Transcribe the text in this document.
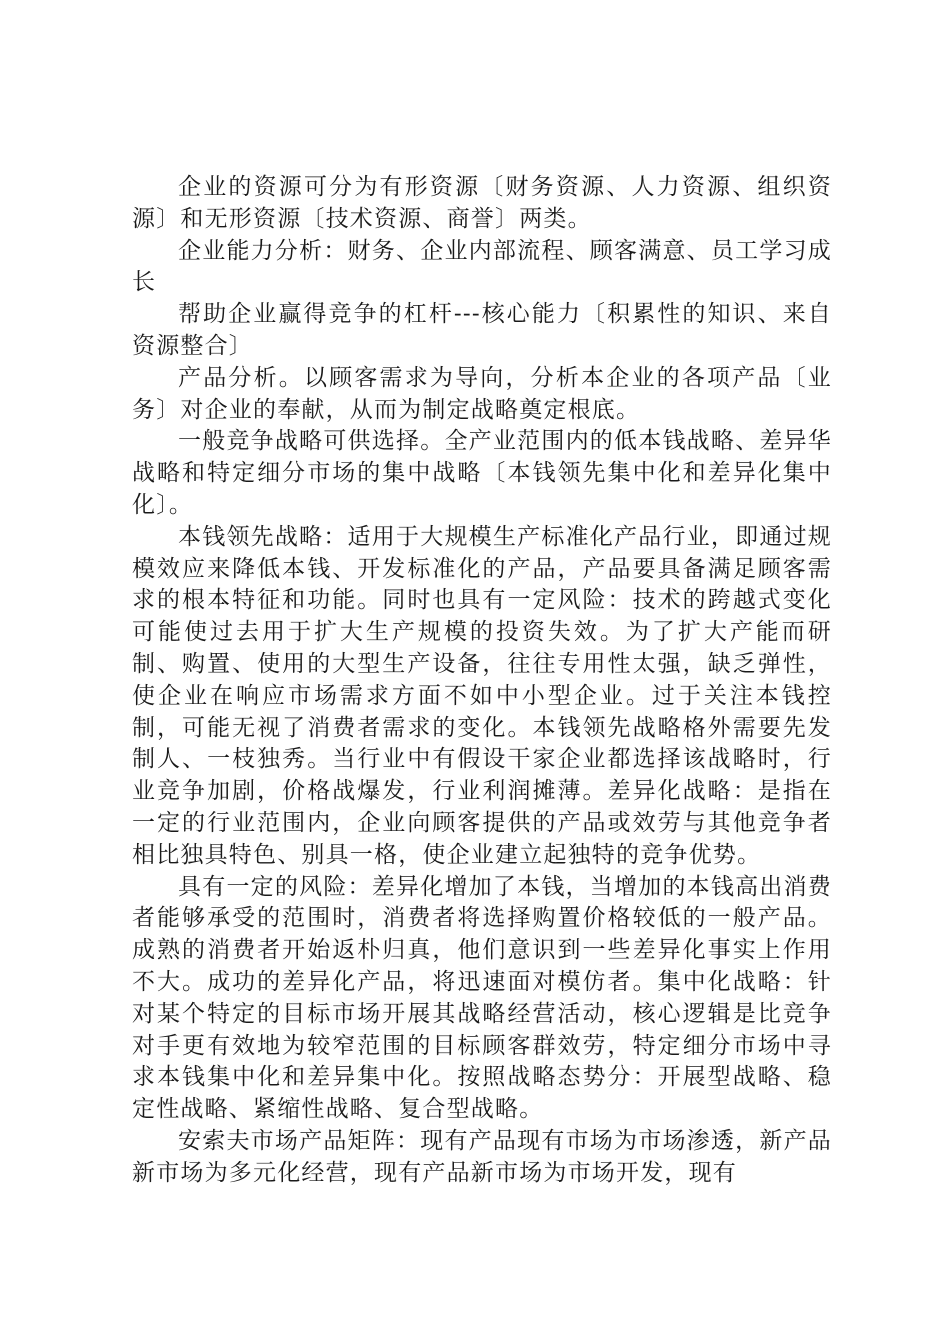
企业的资源可分为有形资源〔财务资源、人力资源、组织资源〕和无形资源〔技术资源、商誉〕两类。

企业能力分析：财务、企业内部流程、顾客满意、员工学习成长

帮助企业赢得竞争的杠杆---核心能力〔积累性的知识、来自资源整合〕

产品分析。以顾客需求为导向，分析本企业的各项产品〔业务〕对企业的奉献，从而为制定战略奠定根底。

一般竞争战略可供选择。全产业范围内的低本钱战略、差异华战略和特定细分市场的集中战略〔本钱领先集中化和差异化集中化〕。

本钱领先战略：适用于大规模生产标准化产品行业，即通过规模效应来降低本钱、开发标准化的产品，产品要具备满足顾客需求的根本特征和功能。同时也具有一定风险：技术的跨越式变化可能使过去用于扩大生产规模的投资失效。为了扩大产能而研制、购置、使用的大型生产设备，往往专用性太强，缺乏弹性，使企业在响应市场需求方面不如中小型企业。过于关注本钱控制，可能无视了消费者需求的变化。本钱领先战略格外需要先发制人、一枝独秀。当行业中有假设干家企业都选择该战略时，行业竞争加剧，价格战爆发，行业利润摊薄。差异化战略：是指在一定的行业范围内，企业向顾客提供的产品或效劳与其他竞争者相比独具特色、别具一格，使企业建立起独特的竞争优势。

具有一定的风险：差异化增加了本钱，当增加的本钱高出消费者能够承受的范围时，消费者将选择购置价格较低的一般产品。成熟的消费者开始返朴归真，他们意识到一些差异化事实上作用不大。成功的差异化产品，将迅速面对模仿者。集中化战略：针对某个特定的目标市场开展其战略经营活动，核心逻辑是比竞争对手更有效地为较窄范围的目标顾客群效劳，特定细分市场中寻求本钱集中化和差异集中化。按照战略态势分：开展型战略、稳定性战略、紧缩性战略、复合型战略。

安索夫市场产品矩阵：现有产品现有市场为市场渗透，新产品新市场为多元化经营，现有产品新市场为市场开发，现有
